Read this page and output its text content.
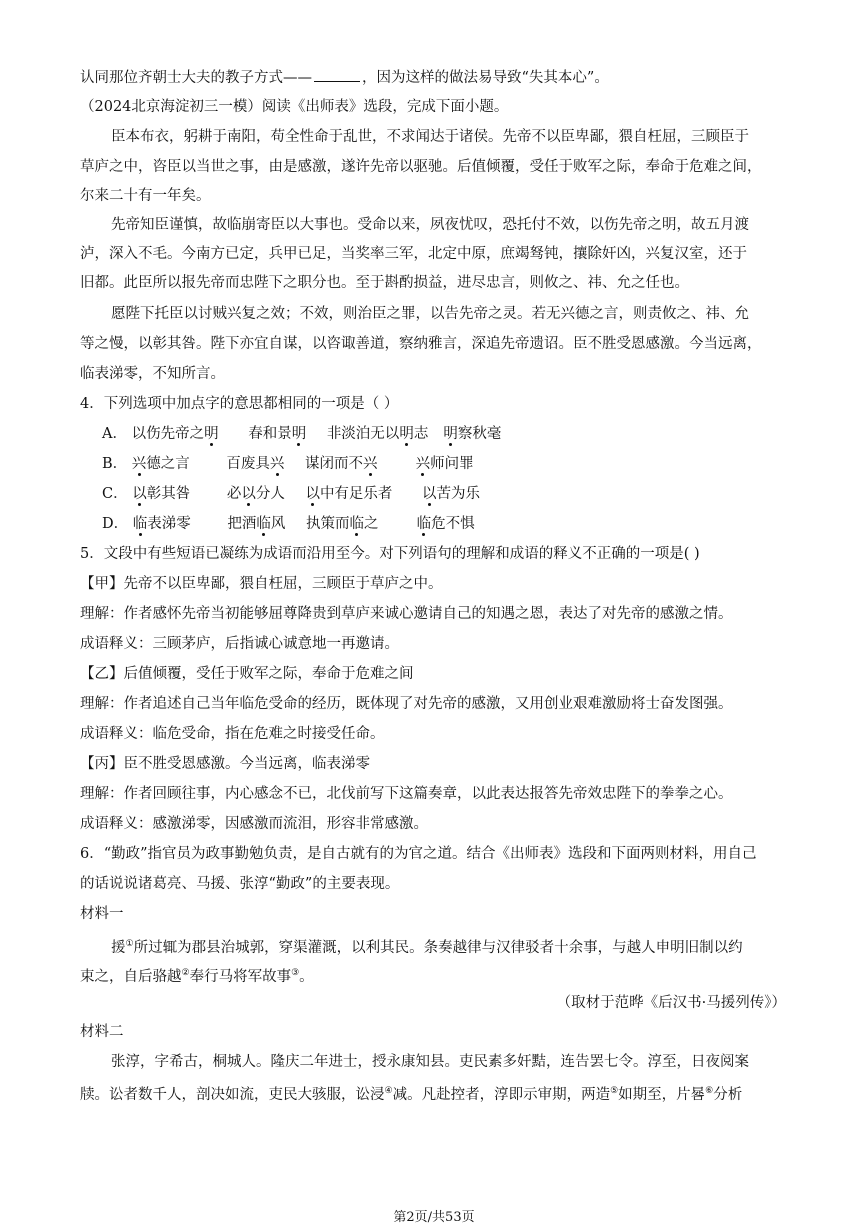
认同那位齐朝士大夫的教子方式——	，因为这样的做法易导致“失其本心”。
（2024北京海淀初三一模）阅读《出师表》选段，完成下面小题。
臣本布衣，躬耕于南阳，苟全性命于乱世，不求闻达于诸侯。先帝不以臣卑鄙，猥自枉屈，三顾臣于
草庐之中，咨臣以当世之事，由是感激，遂许先帝以驱驰。后值倾覆，受任于败军之际，奉命于危难之间，
尔来二十有一年矣。
先帝知臣谨慎，故临崩寄臣以大事也。受命以来，夙夜忧叹，恐托付不效，以伤先帝之明，故五月渡
泸，深入不毛。今南方已定，兵甲已足，当奖率三军，北定中原，庶竭驽钝，攘除奸凶，兴复汉室，还于
旧都。此臣所以报先帝而忠陛下之职分也。至于斟酌损益，进尽忠言，则攸之、祎、允之任也。
愿陛下托臣以讨贼兴复之效；不效，则治臣之罪，以告先帝之灵。若无兴德之言，则责攸之、祎、允
等之慢，以彰其咎。陛下亦宜自谋，以咨诹善道，察纳雅言，深追先帝遗诏。臣不胜受恩感激。今当远离，
临表涕零，不知所言。
4．下列选项中加点字的意思都相同的一项是（ ）
A． 以伤先帝之明 春和景明 非淡泊无以明志 明察秋毫
B． 兴德之言	百废具兴 谋闭而不兴	兴师问罪
C． 以彰其咎	必以分人 以中有足乐者 以苦为乐
D． 临表涕零	把酒临风 执策而临之	临危不惧
5．文段中有些短语已凝练为成语而沿用至今。对下列语句的理解和成语的释义不正确的一项是( )
【甲】先帝不以臣卑鄙，猥自枉屈，三顾臣于草庐之中。
理解：作者感怀先帝当初能够屈尊降贵到草庐来诚心邀请自己的知遇之恩，表达了对先帝的感激之情。
成语释义：三顾茅庐，后指诚心诚意地一再邀请。
【乙】后值倾覆，受任于败军之际，奉命于危难之间
理解：作者追述自己当年临危受命的经历，既体现了对先帝的感激，又用创业艰难激励将士奋发图强。
成语释义：临危受命，指在危难之时接受任命。
【丙】臣不胜受恩感激。今当远离，临表涕零
理解：作者回顾往事，内心感念不已，北伐前写下这篇奏章，以此表达报答先帝效忠陛下的拳拳之心。
成语释义：感激涕零，因感激而流泪，形容非常感激。
6．“勤政”指官员为政事勤勉负责，是自古就有的为官之道。结合《出师表》选段和下面两则材料，用自己
的话说说诸葛亮、马援、张淳“勤政”的主要表现。
材料一
援①所过辄为郡县治城郭，穿渠灌溉，以利其民。条奏越律与汉律驳者十余事，与越人申明旧制以约
束之，自后骆越②奉行马将军故事③。
（取材于范晔《后汉书·马援列传》）
材料二
张淳，字希古，桐城人。隆庆二年进士，授永康知县。吏民素多奸黠，连告罢七令。淳至，日夜阅案
牍。讼者数千人，剖决如流，吏民大骇服，讼浸④减。凡赴控者，淳即示审期，两造⑤如期至，片晷⑥分析
第2页/共53页
